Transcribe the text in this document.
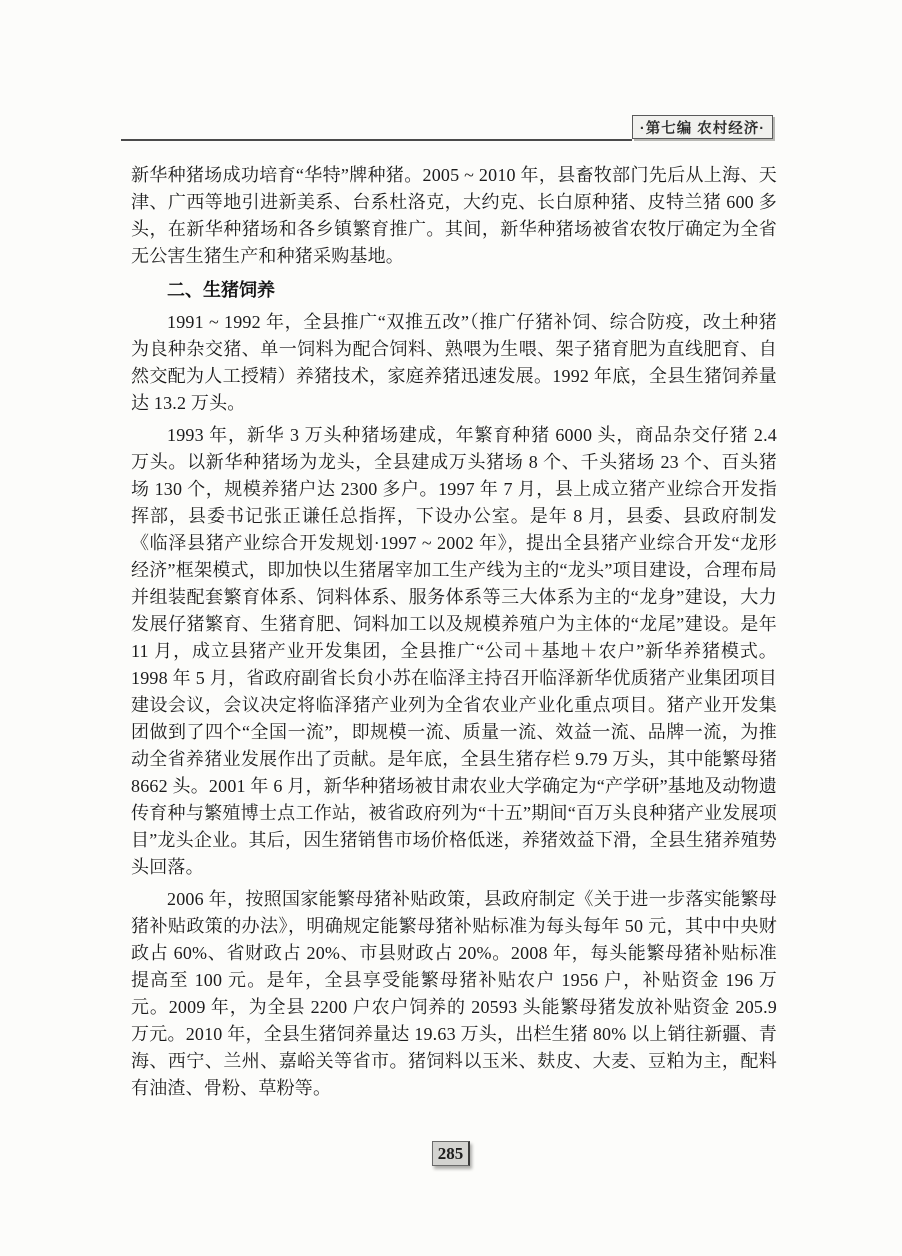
·第七编 农村经济·

新华种猪场成功培育“华特”牌种猪。2005 ~ 2010 年，县畜牧部门先后从上海、天津、广西等地引进新美系、台系杜洛克，大约克、长白原种猪、皮特兰猪 600 多头，在新华种猪场和各乡镇繁育推广。其间，新华种猪场被省农牧厅确定为全省无公害生猪生产和种猪采购基地。

二、生猪饲养

1991 ~ 1992 年，全县推广“双推五改”（推广仔猪补饲、综合防疫，改土种猪为良种杂交猪、单一饲料为配合饲料、熟喂为生喂、架子猪育肥为直线肥育、自然交配为人工授精）养猪技术，家庭养猪迅速发展。1992 年底，全县生猪饲养量达 13.2 万头。

1993 年，新华 3 万头种猪场建成，年繁育种猪 6000 头，商品杂交仔猪 2.4 万头。以新华种猪场为龙头，全县建成万头猪场 8 个、千头猪场 23 个、百头猪场 130 个，规模养猪户达 2300 多户。1997 年 7 月，县上成立猪产业综合开发指挥部，县委书记张正谦任总指挥，下设办公室。是年 8 月，县委、县政府制发《临泽县猪产业综合开发规划·1997 ~ 2002 年》，提出全县猪产业综合开发“龙形经济”框架模式，即加快以生猪屠宰加工生产线为主的“龙头”项目建设，合理布局并组装配套繁育体系、饲料体系、服务体系等三大体系为主的“龙身”建设，大力发展仔猪繁育、生猪育肥、饲料加工以及规模养殖户为主体的“龙尾”建设。是年 11 月，成立县猪产业开发集团，全县推广“公司＋基地＋农户”新华养猪模式。1998 年 5 月，省政府副省长贠小苏在临泽主持召开临泽新华优质猪产业集团项目建设会议，会议决定将临泽猪产业列为全省农业产业化重点项目。猪产业开发集团做到了四个“全国一流”，即规模一流、质量一流、效益一流、品牌一流，为推动全省养猪业发展作出了贡献。是年底，全县生猪存栏 9.79 万头，其中能繁母猪 8662 头。2001 年 6 月，新华种猪场被甘肃农业大学确定为“产学研”基地及动物遗传育种与繁殖博士点工作站，被省政府列为“十五”期间“百万头良种猪产业发展项目”龙头企业。其后，因生猪销售市场价格低迷，养猪效益下滑，全县生猪养殖势头回落。

2006 年，按照国家能繁母猪补贴政策，县政府制定《关于进一步落实能繁母猪补贴政策的办法》，明确规定能繁母猪补贴标准为每头每年 50 元，其中中央财政占 60%、省财政占 20%、市县财政占 20%。2008 年，每头能繁母猪补贴标准提高至 100 元。是年，全县享受能繁母猪补贴农户 1956 户，补贴资金 196 万元。2009 年，为全县 2200 户农户饲养的 20593 头能繁母猪发放补贴资金 205.9 万元。2010 年，全县生猪饲养量达 19.63 万头，出栏生猪 80% 以上销往新疆、青海、西宁、兰州、嘉峪关等省市。猪饲料以玉米、麸皮、大麦、豆粕为主，配料有油渣、骨粉、草粉等。

285
